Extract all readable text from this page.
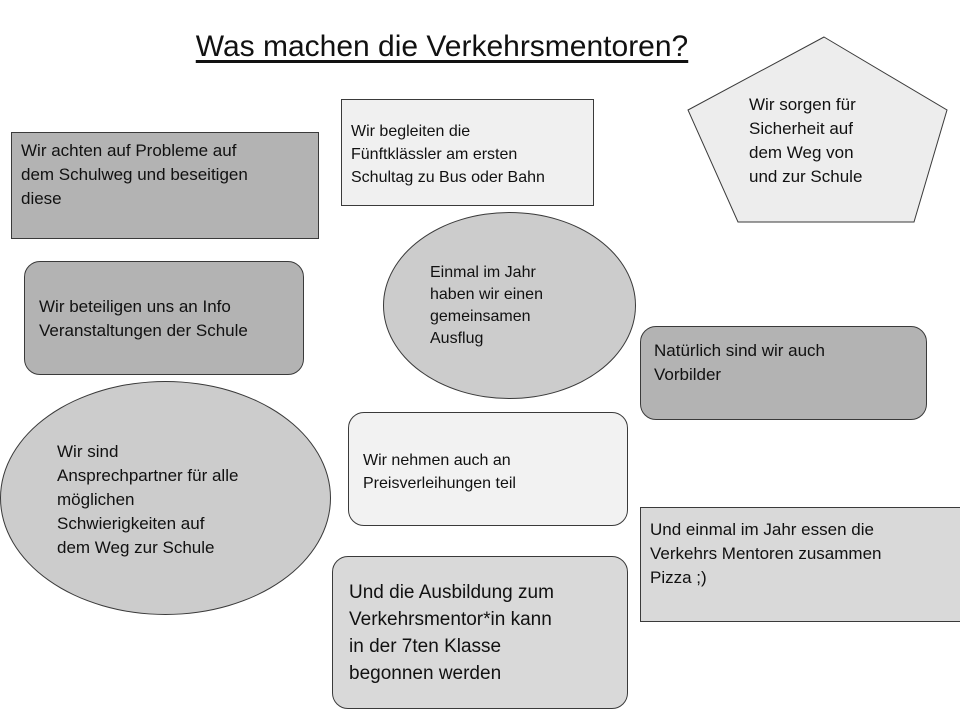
Was machen die Verkehrsmentoren?
Wir achten auf Probleme auf
dem Schulweg und beseitigen
diese
Wir begleiten die
Fünftklässler am ersten
Schultag zu Bus oder Bahn
Wir sorgen für
Sicherheit auf
dem Weg von
und zur Schule
Wir beteiligen uns an Info
Veranstaltungen der Schule
Einmal im Jahr
haben wir einen
gemeinsamen
Ausflug
Natürlich sind wir auch
Vorbilder
Wir sind
Ansprechpartner für alle
möglichen
Schwierigkeiten auf
dem Weg zur Schule
Wir nehmen auch an
Preisverleihungen teil
Und einmal im Jahr essen die
Verkehrs Mentoren zusammen
Pizza ;)
Und die Ausbildung zum
Verkehrsmentor*in kann
in der 7ten Klasse
begonnen werden
